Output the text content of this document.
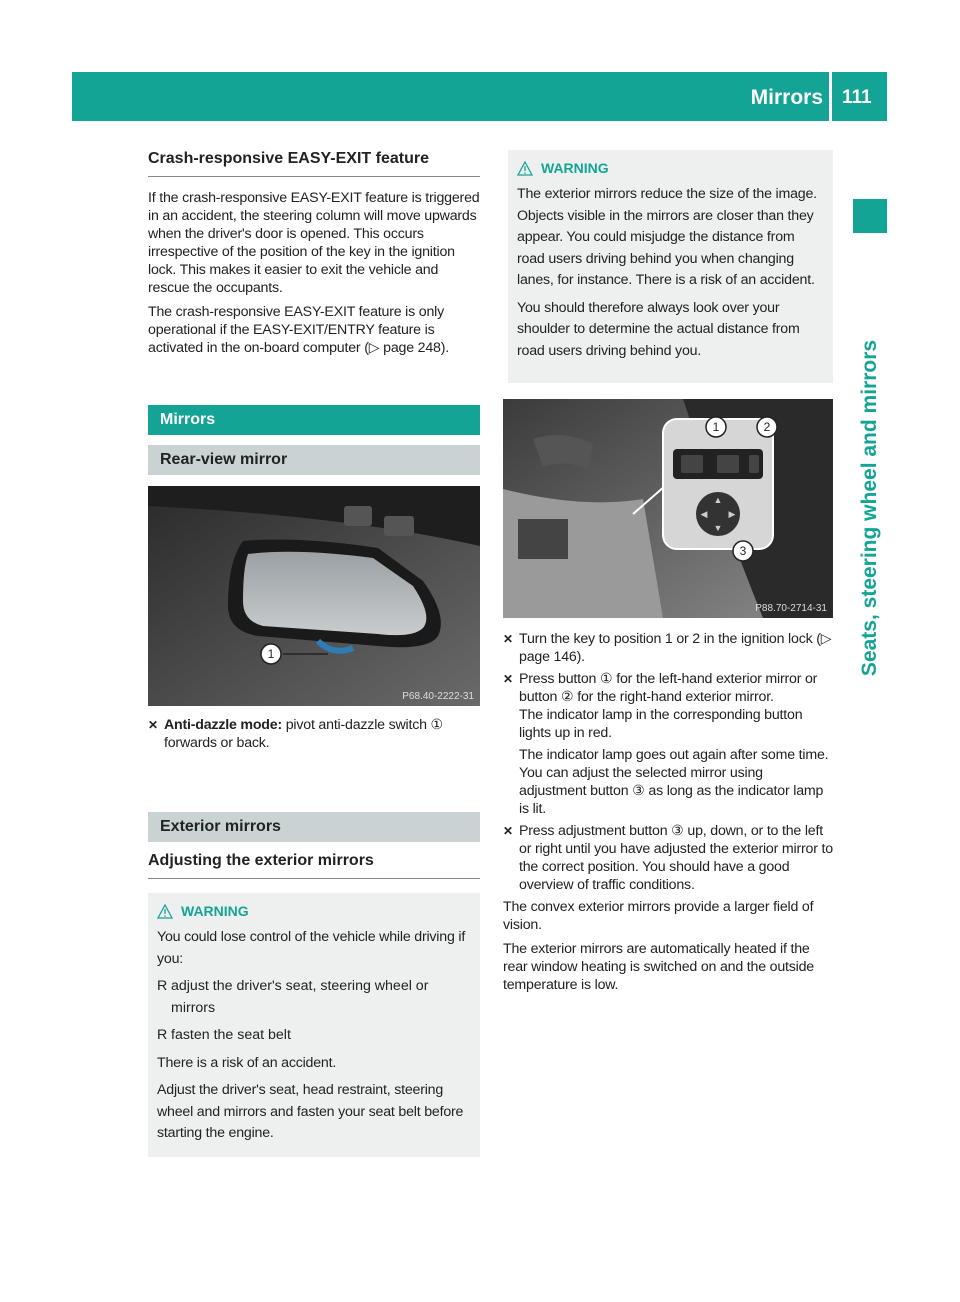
Mirrors 111
Seats, steering wheel and mirrors
Crash-responsive EASY-EXIT feature

If the crash-responsive EASY-EXIT feature is triggered in an accident, the steering column will move upwards when the driver's door is opened. This occurs irrespective of the position of the key in the ignition lock. This makes it easier to exit the vehicle and rescue the occupants.

The crash-responsive EASY-EXIT feature is only operational if the EASY-EXIT/ENTRY feature is activated in the on-board computer (▷ page 248).

Mirrors
Rear-view mirror
1
P68.40-2222-31
✕ Anti-dazzle mode: pivot anti-dazzle switch ① forwards or back.
Exterior mirrors
Adjusting the exterior mirrors
WARNING

You could lose control of the vehicle while driving if you:

R adjust the driver's seat, steering wheel or mirrors
R fasten the seat belt

There is a risk of an accident.

Adjust the driver's seat, head restraint, steering wheel and mirrors and fasten your seat belt before starting the engine.

WARNING

The exterior mirrors reduce the size of the image. Objects visible in the mirrors are closer than they appear. You could misjudge the distance from road users driving behind you when changing lanes, for instance. There is a risk of an accident.

You should therefore always look over your shoulder to determine the actual distance from road users driving behind you.

▲
▼
◀ ▶
1	2
3
P88.70-2714-31
✕ Turn the key to position 1 or 2 in the ignition lock (▷ page 146).
✕ Press button ① for the left-hand exterior mirror or button ② for the right-hand exterior mirror.
The indicator lamp in the corresponding button lights up in red.
The indicator lamp goes out again after some time. You can adjust the selected mirror using adjustment button ③ as long as the indicator lamp is lit.
✕ Press adjustment button ③ up, down, or to the left or right until you have adjusted the exterior mirror to the correct position. You should have a good overview of traffic conditions.

The convex exterior mirrors provide a larger field of vision.

The exterior mirrors are automatically heated if the rear window heating is switched on and the outside temperature is low.
